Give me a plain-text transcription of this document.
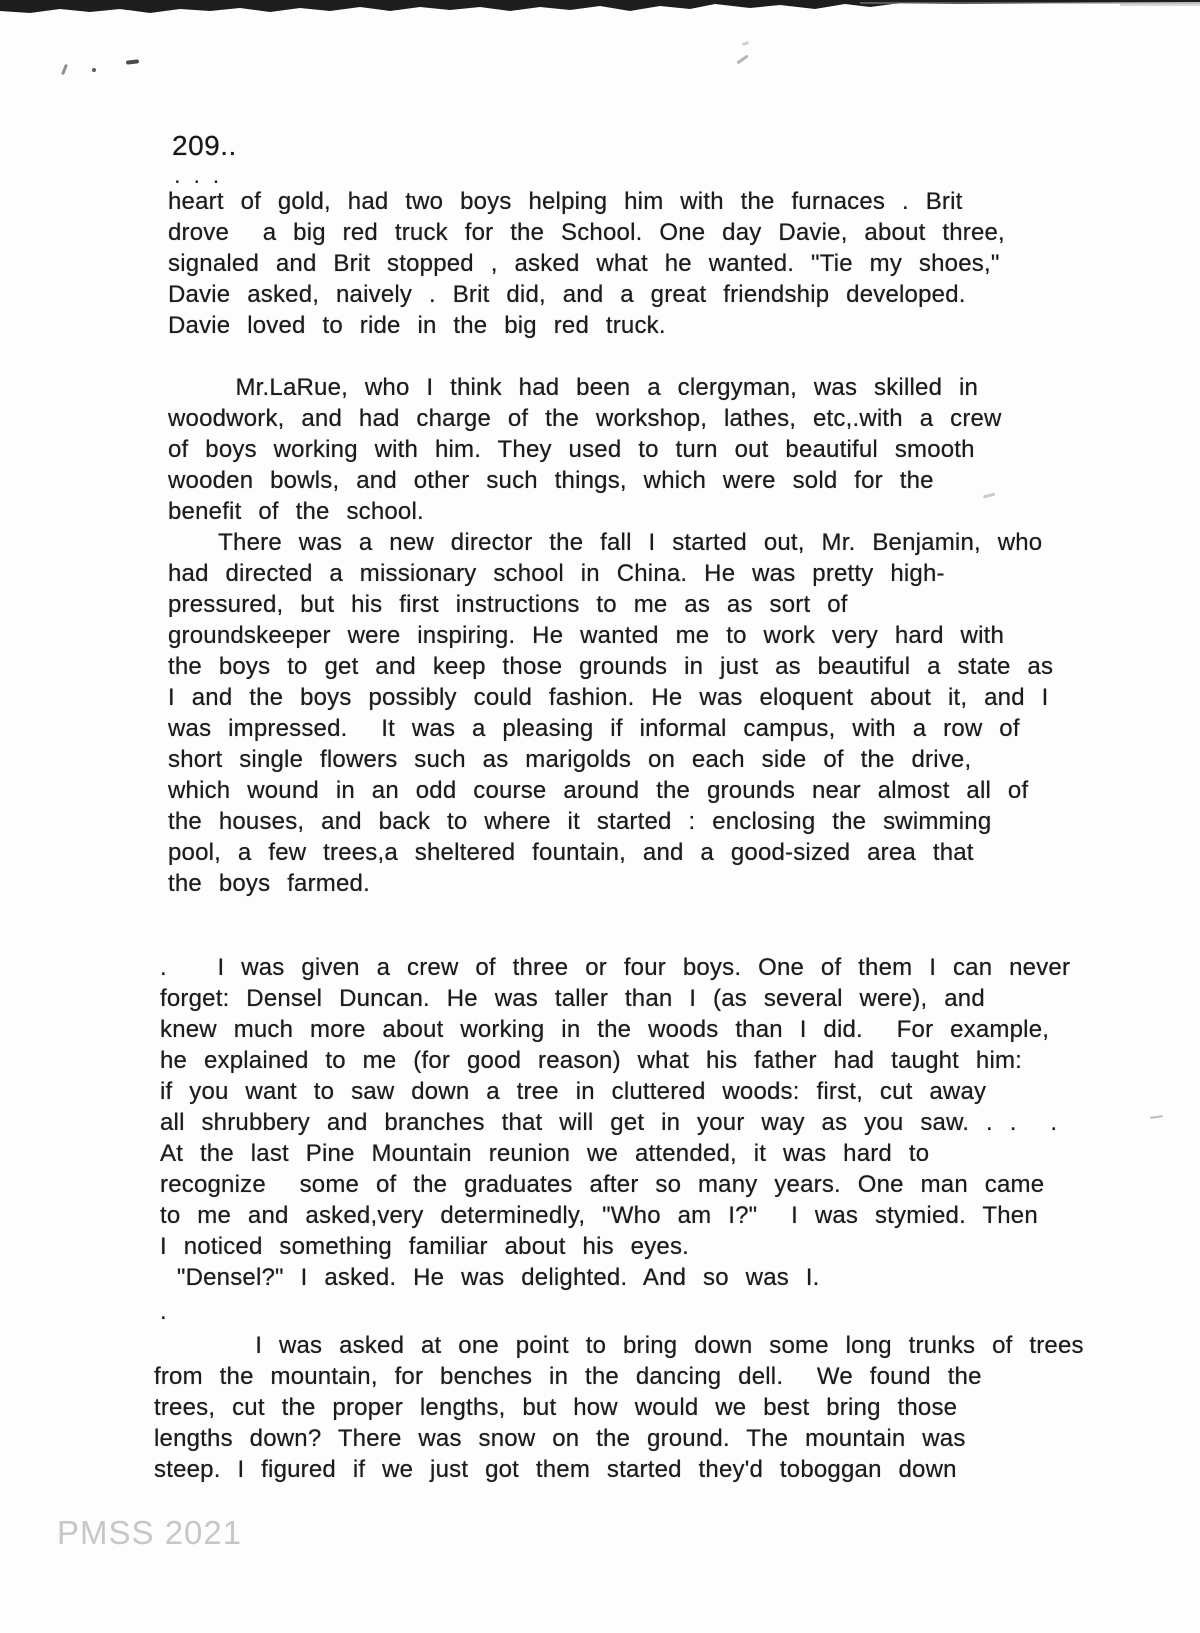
209..
. . .
heart of gold, had two boys helping him with the furnaces . Brit
drove  a big red truck for the School. One day Davie, about three,
signaled and Brit stopped , asked what he wanted. "Tie my shoes,"
Davie asked, naively . Brit did, and a great friendship developed.
Davie loved to ride in the big red truck.
Mr.LaRue, who I think had been a clergyman, was skilled in
woodwork, and had charge of the workshop, lathes, etc,.with a crew
of boys working with him. They used to turn out beautiful smooth
wooden bowls, and other such things, which were sold for the
benefit of the school.
There was a new director the fall I started out, Mr. Benjamin, who
had directed a missionary school in China. He was pretty high-
pressured, but his first instructions to me as as sort of
groundskeeper were inspiring. He wanted me to work very hard with
the boys to get and keep those grounds in just as beautiful a state as
I and the boys possibly could fashion. He was eloquent about it, and I
was impressed.  It was a pleasing if informal campus, with a row of
short single flowers such as marigolds on each side of the drive,
which wound in an odd course around the grounds near almost all of
the houses, and back to where it started : enclosing the swimming
pool, a few trees,a sheltered fountain, and a good-sized area that
the boys farmed.
.   I was given a crew of three or four boys. One of them I can never
forget: Densel Duncan. He was taller than I (as several were), and
knew much more about working in the woods than I did.  For example,
he explained to me (for good reason) what his father had taught him:
if you want to saw down a tree in cluttered woods: first, cut away
all shrubbery and branches that will get in your way as you saw. . .  .
At the last Pine Mountain reunion we attended, it was hard to
recognize  some of the graduates after so many years. One man came
to me and asked,very determinedly, "Who am I?"  I was stymied. Then
I noticed something familiar about his eyes.
"Densel?" I asked. He was delighted. And so was I.
.
I was asked at one point to bring down some long trunks of trees
from the mountain, for benches in the dancing dell.  We found the
trees, cut the proper lengths, but how would we best bring those
lengths down? There was snow on the ground. The mountain was
steep. I figured if we just got them started they'd toboggan down
PMSS 2021
